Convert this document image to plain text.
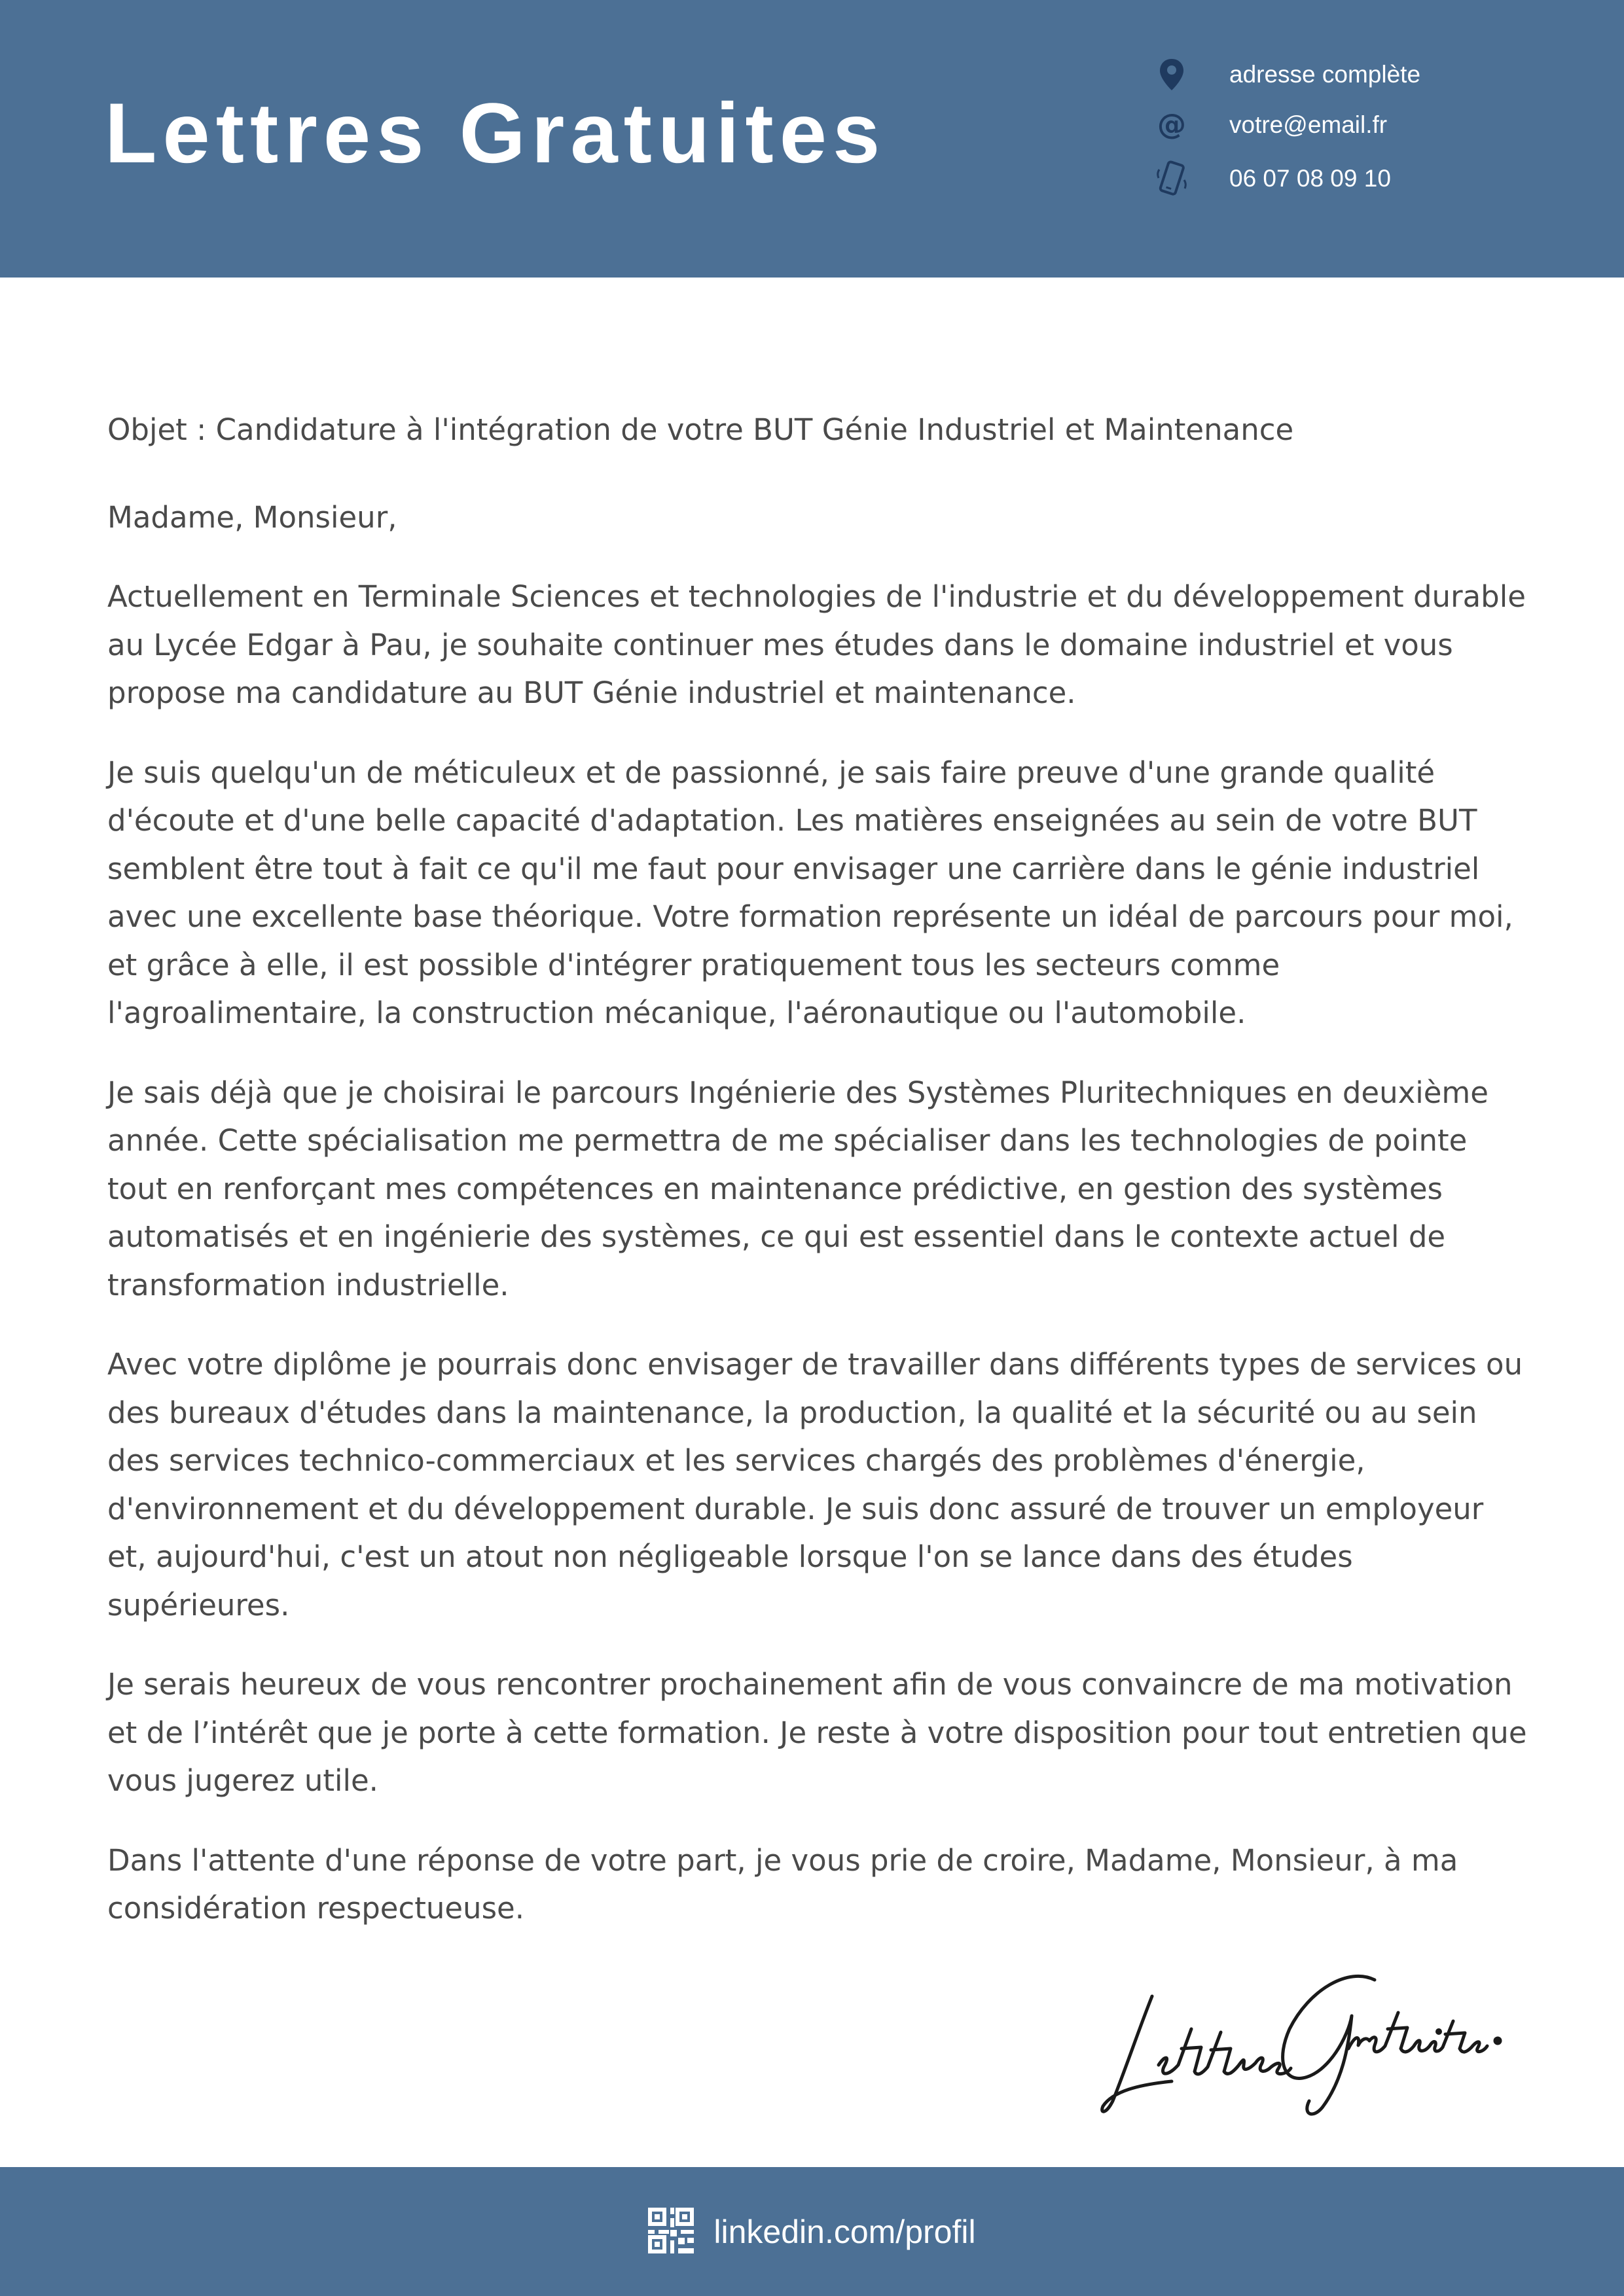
Lettres Gratuites
adresse complète
@ votre@email.fr
06 07 08 09 10

Objet : Candidature à l'intégration de votre BUT Génie Industriel et Maintenance

Madame, Monsieur,

Actuellement en Terminale Sciences et technologies de l'industrie et du développement durable au Lycée Edgar à Pau, je souhaite continuer mes études dans le domaine industriel et vous propose ma candidature au BUT Génie industriel et maintenance.

Je suis quelqu'un de méticuleux et de passionné, je sais faire preuve d'une grande qualité d'écoute et d'une belle capacité d'adaptation. Les matières enseignées au sein de votre BUT semblent être tout à fait ce qu'il me faut pour envisager une carrière dans le génie industriel avec une excellente base théorique. Votre formation représente un idéal de parcours pour moi, et grâce à elle, il est possible d'intégrer pratiquement tous les secteurs comme l'agroalimentaire, la construction mécanique, l'aéronautique ou l'automobile.

Je sais déjà que je choisirai le parcours Ingénierie des Systèmes Pluritechniques en deuxième année. Cette spécialisation me permettra de me spécialiser dans les technologies de pointe tout en renforçant mes compétences en maintenance prédictive, en gestion des systèmes automatisés et en ingénierie des systèmes, ce qui est essentiel dans le contexte actuel de transformation industrielle.

Avec votre diplôme je pourrais donc envisager de travailler dans différents types de services ou des bureaux d'études dans la maintenance, la production, la qualité et la sécurité ou au sein des services technico-commerciaux et les services chargés des problèmes d'énergie, d'environnement et du développement durable. Je suis donc assuré de trouver un employeur et, aujourd'hui, c'est un atout non négligeable lorsque l'on se lance dans des études supérieures.

Je serais heureux de vous rencontrer prochainement afin de vous convaincre de ma motivation et de l’intérêt que je porte à cette formation. Je reste à votre disposition pour tout entretien que vous jugerez utile.

Dans l'attente d'une réponse de votre part, je vous prie de croire, Madame, Monsieur, à ma considération respectueuse.

linkedin.com/profil
